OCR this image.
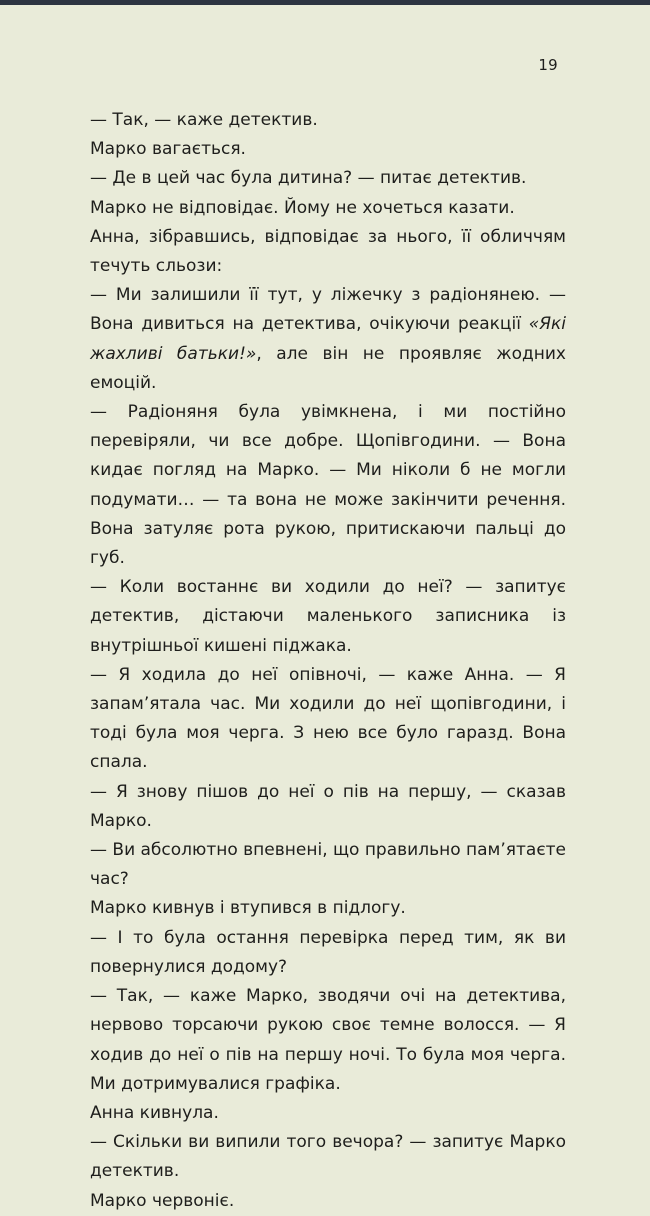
19

— Так, — каже детектив.

Марко вагається.

— Де в цей час була дитина? — питає детектив.

Марко не відповідає. Йому не хочеться казати.

Анна, зібравшись, відповідає за нього, її обличчям течуть сльози:

— Ми залишили її тут, у ліжечку з радіонянею. — Вона дивиться на детектива, очікуючи реакції «Які жахливі батьки!», але він не проявляє жодних емоцій.

— Радіоняня була увімкнена, і ми постійно перевіряли, чи все добре. Щопівгодини. — Вона кидає погляд на Марко. — Ми ніколи б не могли подумати… — та вона не може закінчити речення. Вона затуляє рота рукою, притискаючи пальці до губ.

— Коли востаннє ви ходили до неї? — запитує детектив, дістаючи маленького записника із внутрішньої кишені піджака.

— Я ходила до неї опівночі, — каже Анна. — Я запам’ятала час. Ми ходили до неї щопівгодини, і тоді була моя черга. З нею все було гаразд. Вона спала.

— Я знову пішов до неї о пів на першу, — сказав Марко.

— Ви абсолютно впевнені, що правильно пам’ятаєте час?

Марко кивнув і втупився в підлогу.

— І то була остання перевірка перед тим, як ви повернулися додому?

— Так, — каже Марко, зводячи очі на детектива, нервово торсаючи рукою своє темне волосся. — Я ходив до неї о пів на першу ночі. То була моя черга. Ми дотримувалися графіка.

Анна кивнула.

— Скільки ви випили того вечора? — запитує Марко детектив.

Марко червоніє.
